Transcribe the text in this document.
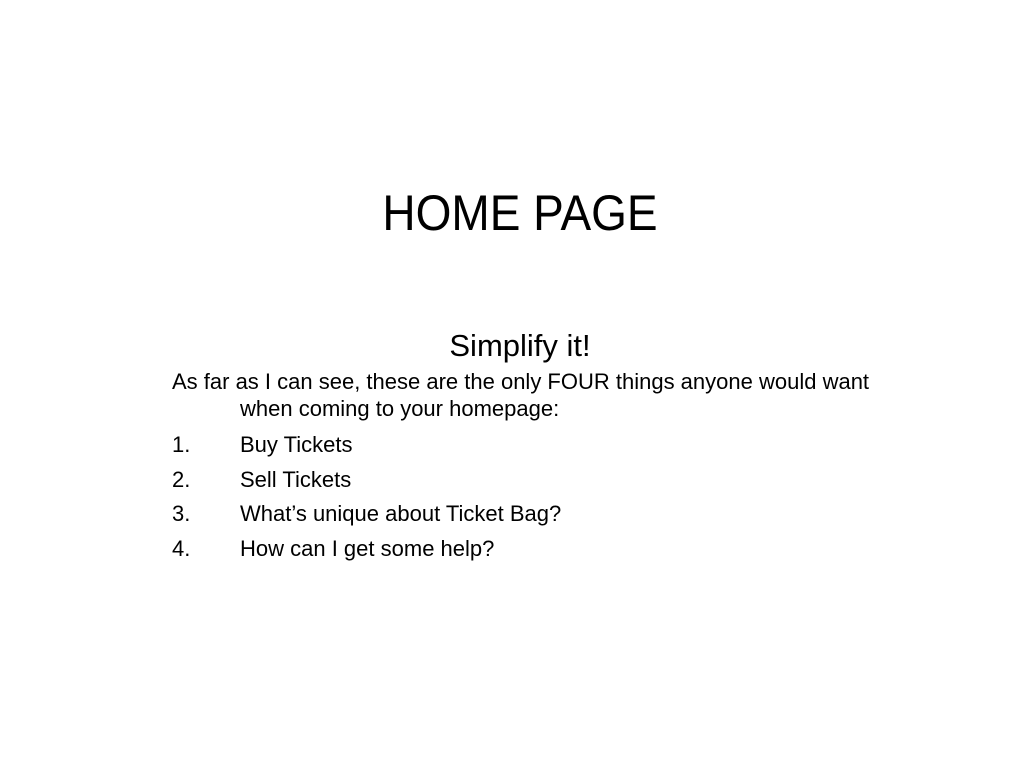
HOME PAGE
Simplify it!
As far as I can see, these are the only FOUR things anyone would want when coming to your homepage:
1.	Buy Tickets
2.	Sell Tickets
3.	What’s unique about Ticket Bag?
4.	How can I get some help?
